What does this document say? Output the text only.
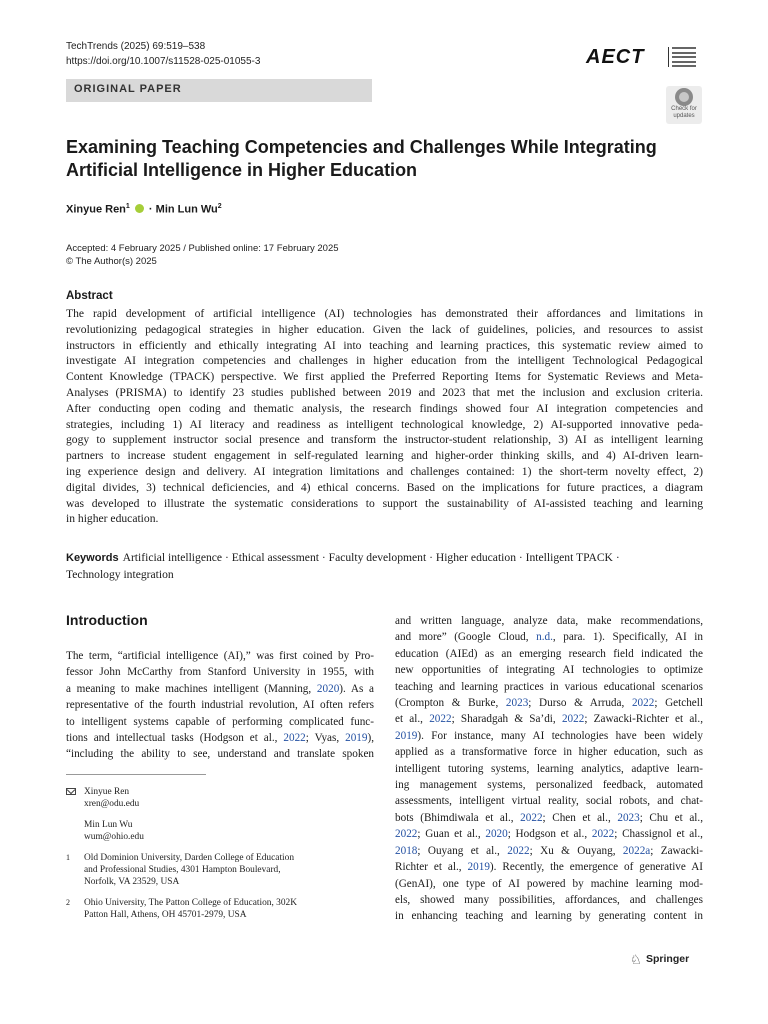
TechTrends (2025) 69:519–538
https://doi.org/10.1007/s11528-025-01055-3	AECT
ORIGINAL PAPER
Check for updates
Examining Teaching Competencies and Challenges While Integrating
Artificial Intelligence in Higher Education
Xinyue Ren$^1$  · Min Lun Wu$^2$
Accepted: 4 February 2025 / Published online: 17 February 2025
© The Author(s) 2025
Abstract
The rapid development of artificial intelligence (AI) technologies has demonstrated their affordances and limitations in
revolutionizing pedagogical strategies in higher education. Given the lack of guidelines, policies, and resources to assist
instructors in efficiently and ethically integrating AI into teaching and learning practices, this systematic review aimed to
investigate AI integration competencies and challenges in higher education from the intelligent Technological Pedagogical
Content Knowledge (TPACK) perspective. We first applied the Preferred Reporting Items for Systematic Reviews and Meta-
Analyses (PRISMA) to identify 23 studies published between 2019 and 2023 that met the inclusion and exclusion criteria.
After conducting open coding and thematic analysis, the research findings showed four AI integration competencies and
strategies, including 1) AI literacy and readiness as intelligent technological knowledge, 2) AI-supported innovative peda-
gogy to supplement instructor social presence and transform the instructor-student relationship, 3) AI as intelligent learning
partners to increase student engagement in self-regulated learning and higher-order thinking skills, and 4) AI-driven learn-
ing experience design and delivery. AI integration limitations and challenges contained: 1) the short-term novelty effect, 2)
digital divides, 3) technical deficiencies, and 4) ethical concerns. Based on the implications for future practices, a diagram
was developed to illustrate the systematic considerations to support the sustainability of AI-assisted teaching and learning
in higher education.
Keywords Artificial intelligence · Ethical assessment · Faculty development · Higher education · Intelligent TPACK ·
Technology integration
Introduction
The term, “artificial intelligence (AI),” was first coined by Pro-
fessor John McCarthy from Stanford University in 1955, with
a meaning to make machines intelligent (Manning, 2020). As a
representative of the fourth industrial revolution, AI often refers
to intelligent systems capable of performing complicated func-
tions and intellectual tasks (Hodgson et al., 2022; Vyas, 2019),
“including the ability to see, understand and translate spoken
and written language, analyze data, make recommendations,
and more” (Google Cloud, n.d., para. 1). Specifically, AI in
education (AIEd) as an emerging research field indicated the
new opportunities of integrating AI technologies to optimize
teaching and learning practices in various educational scenarios
(Crompton & Burke, 2023; Durso & Arruda, 2022; Getchell
et al., 2022; Sharadgah & Sa’di, 2022; Zawacki-Richter et al.,
2019). For instance, many AI technologies have been widely
applied as a transformative force in higher education, such as
intelligent tutoring systems, learning analytics, adaptive learn-
ing management systems, personalized feedback, automated
assessments, intelligent virtual reality, social robots, and chat-
bots (Bhimdiwala et al., 2022; Chen et al., 2023; Chu et al.,
2022; Guan et al., 2020; Hodgson et al., 2022; Chassignol et al.,
2018; Ouyang et al., 2022; Xu & Ouyang, 2022a; Zawacki-
Richter et al., 2019). Recently, the emergence of generative AI
(GenAI), one type of AI powered by machine learning mod-
els, showed many possibilities, affordances, and challenges
in enhancing teaching and learning by generating content in
Xinyue Ren
xren@odu.edu
Min Lun Wu
wum@ohio.edu
1 Old Dominion University, Darden College of Education
and Professional Studies, 4301 Hampton Boulevard,
Norfolk, VA 23529, USA
2 Ohio University, The Patton College of Education, 302K
Patton Hall, Athens, OH 45701-2979, USA
♘ Springer
